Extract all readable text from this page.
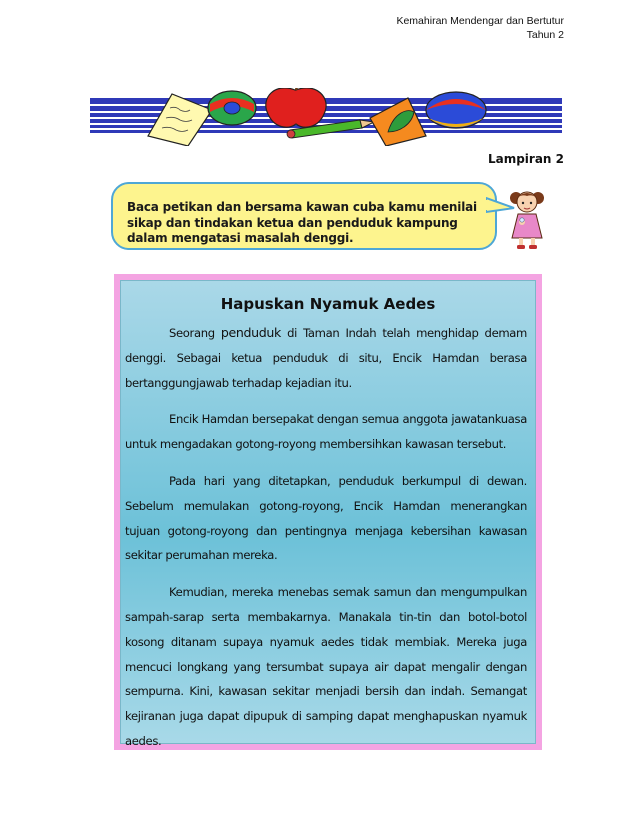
Kemahiran Mendengar dan Bertutur
Tahun 2
Lampiran 2
Baca petikan dan bersama kawan cuba kamu menilai sikap dan tindakan ketua dan penduduk kampung dalam mengatasi masalah denggi.
Hapuskan Nyamuk Aedes

Seorang penduduk di Taman Indah telah menghidap demam denggi. Sebagai ketua penduduk di situ, Encik Hamdan berasa bertanggungjawab terhadap kejadian itu.

Encik Hamdan bersepakat dengan semua anggota jawatankuasa untuk mengadakan gotong-royong membersihkan kawasan tersebut.

Pada hari yang ditetapkan, penduduk berkumpul di dewan. Sebelum memulakan gotong-royong, Encik Hamdan menerangkan tujuan gotong-royong dan pentingnya menjaga kebersihan kawasan sekitar perumahan mereka.

Kemudian, mereka menebas semak samun dan mengumpulkan sampah-sarap serta membakarnya. Manakala tin-tin dan botol-botol kosong ditanam supaya nyamuk aedes tidak membiak. Mereka juga mencuci longkang yang tersumbat supaya air dapat mengalir dengan sempurna. Kini, kawasan sekitar menjadi bersih dan indah. Semangat kejiranan juga dapat dipupuk di samping dapat menghapuskan nyamuk aedes.
